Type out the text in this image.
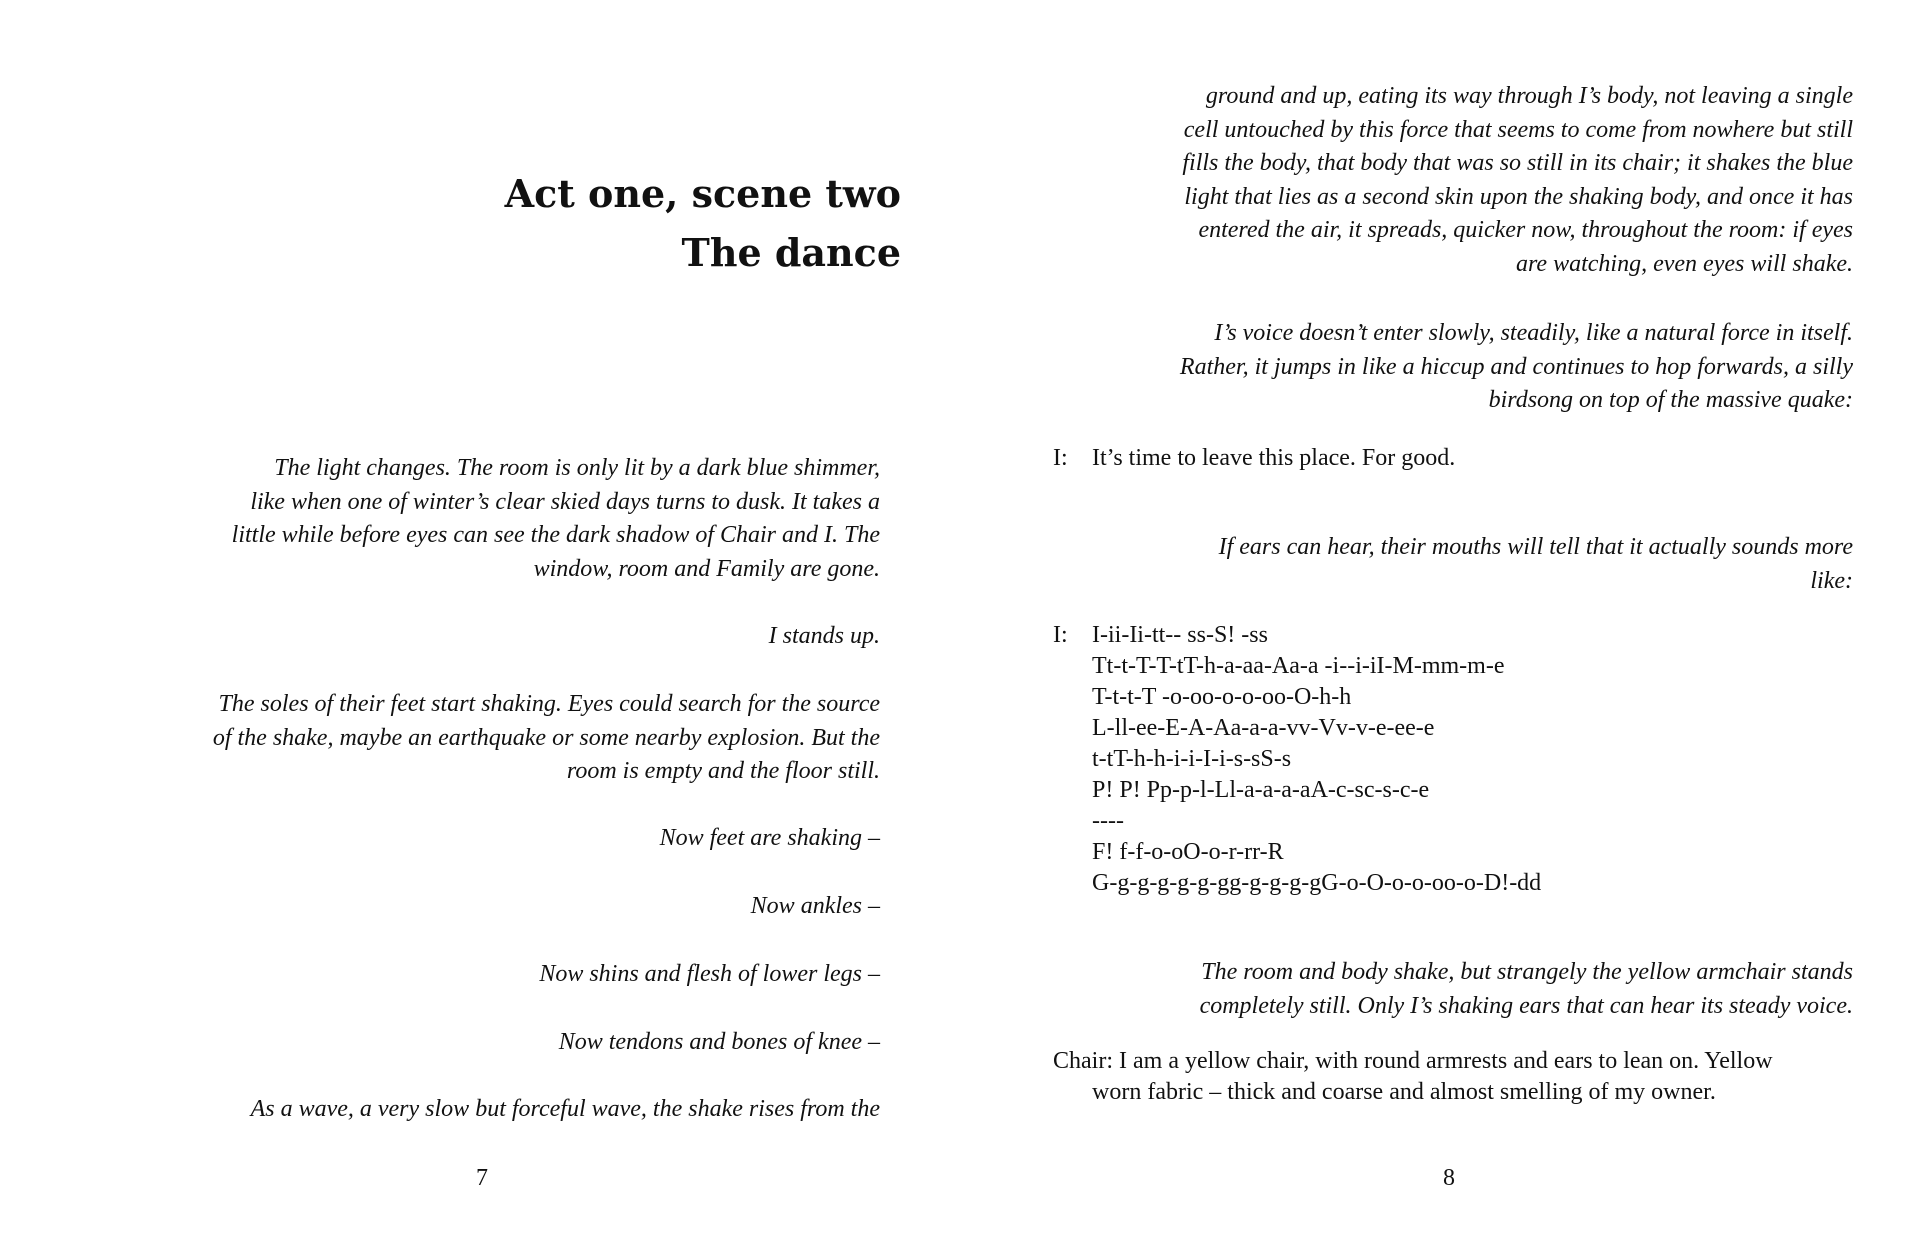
Act one, scene two
The dance
The light changes. The room is only lit by a dark blue shimmer,
like when one of winter’s clear skied days turns to dusk. It takes a
little while before eyes can see the dark shadow of Chair and I. The
window, room and Family are gone.
I stands up.
The soles of their feet start shaking. Eyes could search for the source
of the shake, maybe an earthquake or some nearby explosion. But the
room is empty and the floor still.
Now feet are shaking –
Now ankles –
Now shins and flesh of lower legs –
Now tendons and bones of knee –
As a wave, a very slow but forceful wave, the shake rises from the
7
ground and up, eating its way through I’s body, not leaving a single
cell untouched by this force that seems to come from nowhere but still
fills the body, that body that was so still in its chair; it shakes the blue
light that lies as a second skin upon the shaking body, and once it has
entered the air, it spreads, quicker now, throughout the room: if eyes
are watching, even eyes will shake.
I’s voice doesn’t enter slowly, steadily, like a natural force in itself.
Rather, it jumps in like a hiccup and continues to hop forwards, a silly
birdsong on top of the massive quake:
I: It’s time to leave this place. For good.
If ears can hear, their mouths will tell that it actually sounds more
like:
I: I-ii-Ii-tt-- ss-S! -ss
Tt-t-T-T-tT-h-a-aa-Aa-a -i--i-iI-M-mm-m-e
T-t-t-T -o-oo-o-o-oo-O-h-h
L-ll-ee-E-A-Aa-a-a-vv-Vv-v-e-ee-e
t-tT-h-h-i-i-I-i-s-sS-s
P! P! Pp-p-l-Ll-a-a-a-aA-c-sc-s-c-e
----
F! f-f-o-oO-o-r-rr-R
G-g-g-g-g-g-gg-g-g-g-gG-o-O-o-o-oo-o-D!-dd
The room and body shake, but strangely the yellow armchair stands
completely still. Only I’s shaking ears that can hear its steady voice.
Chair: I am a yellow chair, with round armrests and ears to lean on. Yellow
worn fabric – thick and coarse and almost smelling of my owner.
8
